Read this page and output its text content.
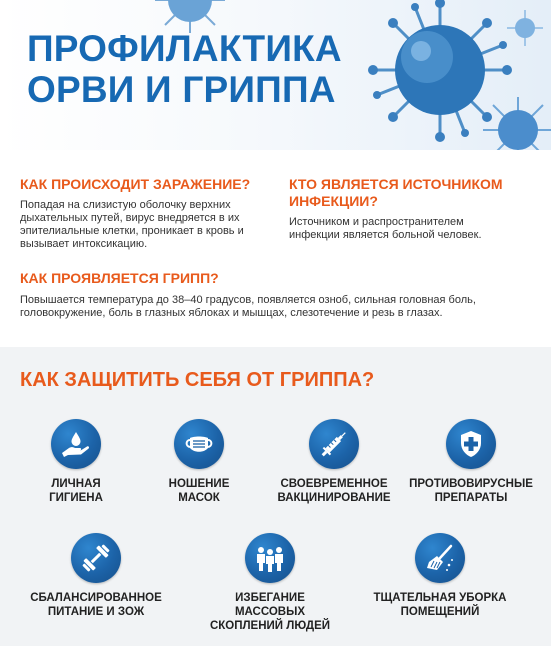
ПРОФИЛАКТИКА
ОРВИ И ГРИППА
КАК ПРОИСХОДИТ ЗАРАЖЕНИЕ?

Попадая на слизистую оболочку верхних дыхательных путей, вирус внедряется в их эпителиальные клетки, проникает в кровь и вызывает интоксикацию.

КТО ЯВЛЯЕТСЯ ИСТОЧНИКОМ
ИНФЕКЦИИ?

Источником и распространителем инфекции является больной человек.

КАК ПРОЯВЛЯЕТСЯ ГРИПП?

Повышается температура до 38–40 градусов, появляется озноб, сильная головная боль, головокружение, боль в глазных яблоках и мышцах, слезотечение и резь в глазах.

КАК ЗАЩИТИТЬ СЕБЯ ОТ ГРИППА?
ЛИЧНАЯ
ГИГИЕНА
НОШЕНИЕ
МАСОК
СВОЕВРЕМЕННОЕ
ВАКЦИНИРОВАНИЕ
ПРОТИВОВИРУСНЫЕ
ПРЕПАРАТЫ
СБАЛАНСИРОВАННОЕ
ПИТАНИЕ И ЗОЖ
ИЗБЕГАНИЕ МАССОВЫХ
СКОПЛЕНИЙ ЛЮДЕЙ
ТЩАТЕЛЬНАЯ УБОРКА
ПОМЕЩЕНИЙ
